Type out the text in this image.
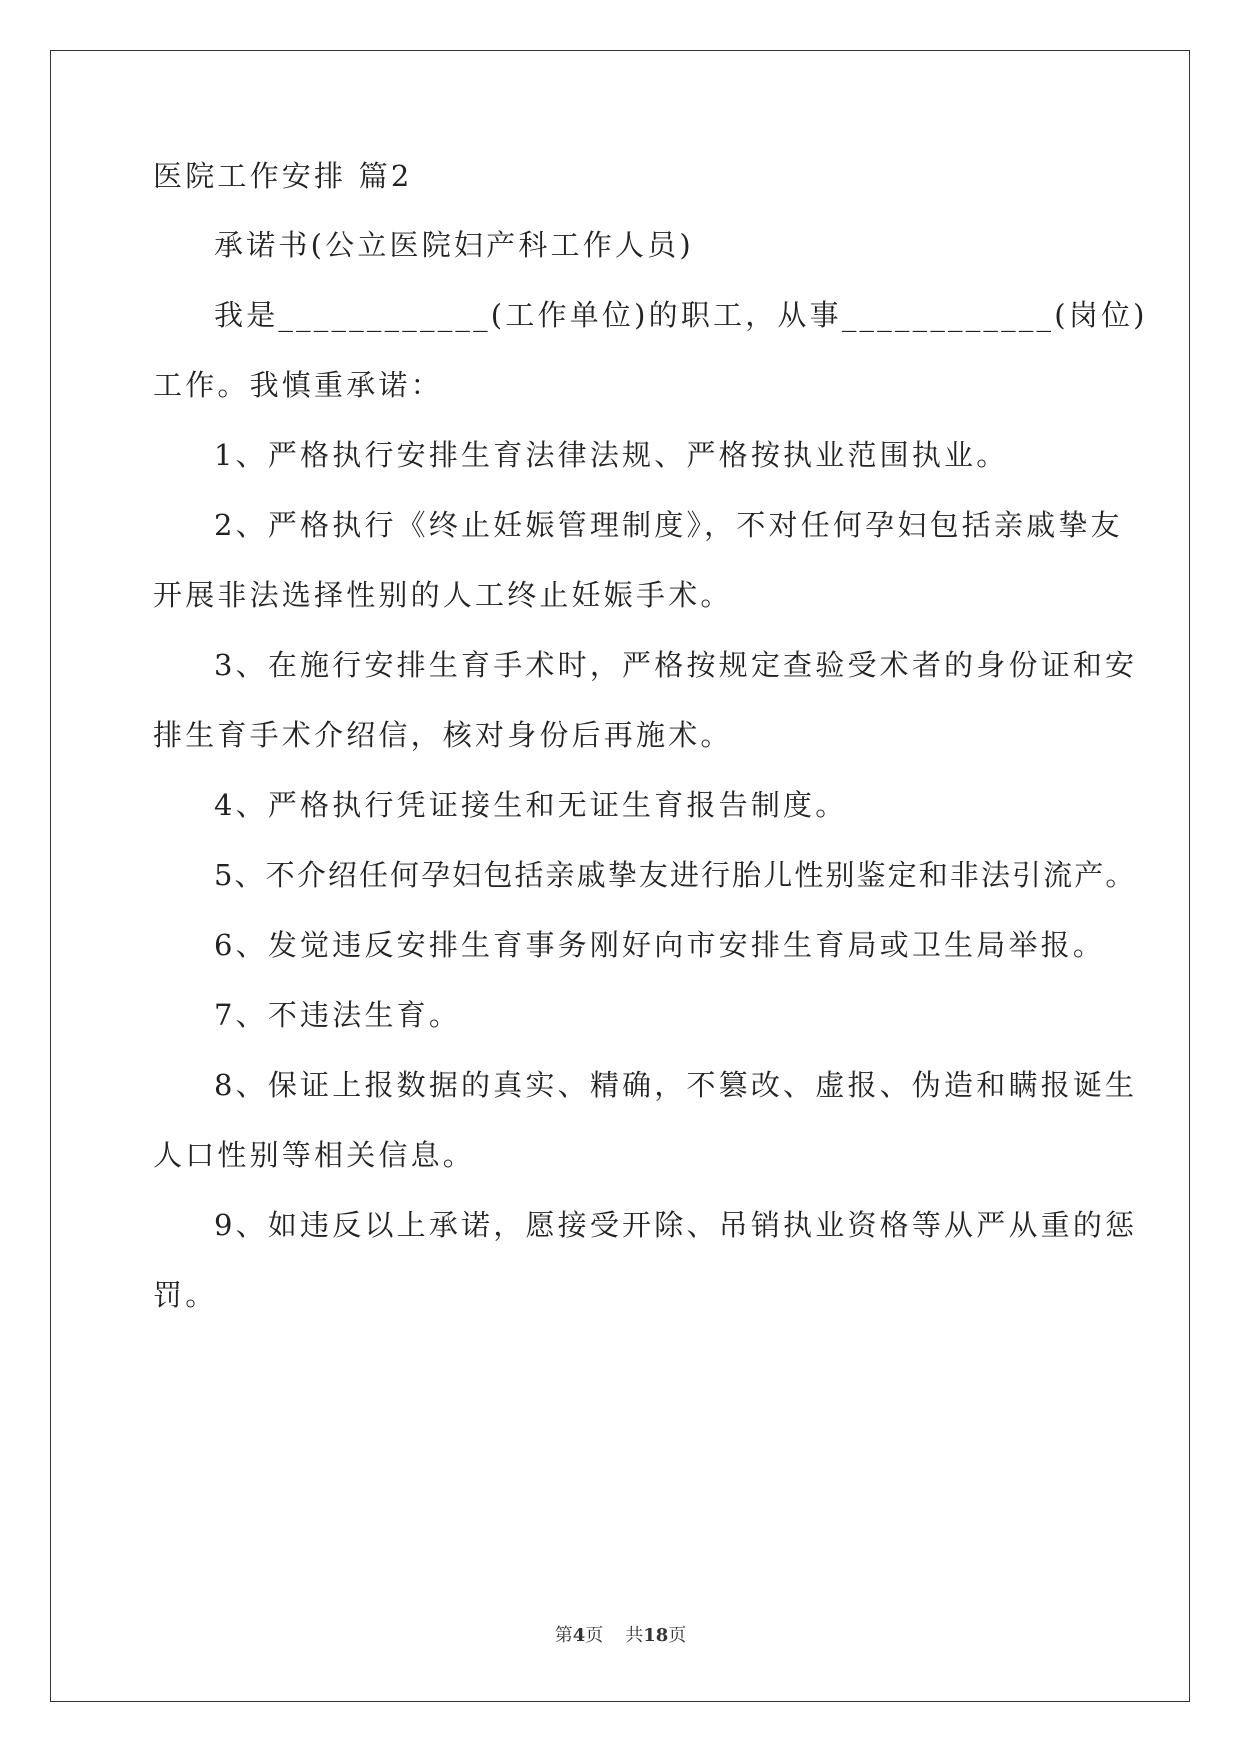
医院工作安排 篇2
承诺书(公立医院妇产科工作人员)
我是____________(工作单位)的职工，从事____________(岗位)
工作。我慎重承诺：
1、严格执行安排生育法律法规、严格按执业范围执业。
2、严格执行《终止妊娠管理制度》，不对任何孕妇包括亲戚挚友
开展非法选择性别的人工终止妊娠手术。
3、在施行安排生育手术时，严格按规定查验受术者的身份证和安
排生育手术介绍信，核对身份后再施术。
4、严格执行凭证接生和无证生育报告制度。
5、不介绍任何孕妇包括亲戚挚友进行胎儿性别鉴定和非法引流产。
6、发觉违反安排生育事务刚好向市安排生育局或卫生局举报。
7、不违法生育。
8、保证上报数据的真实、精确，不篡改、虚报、伪造和瞒报诞生
人口性别等相关信息。
9、如违反以上承诺，愿接受开除、吊销执业资格等从严从重的惩
罚。
第4页 共18页
